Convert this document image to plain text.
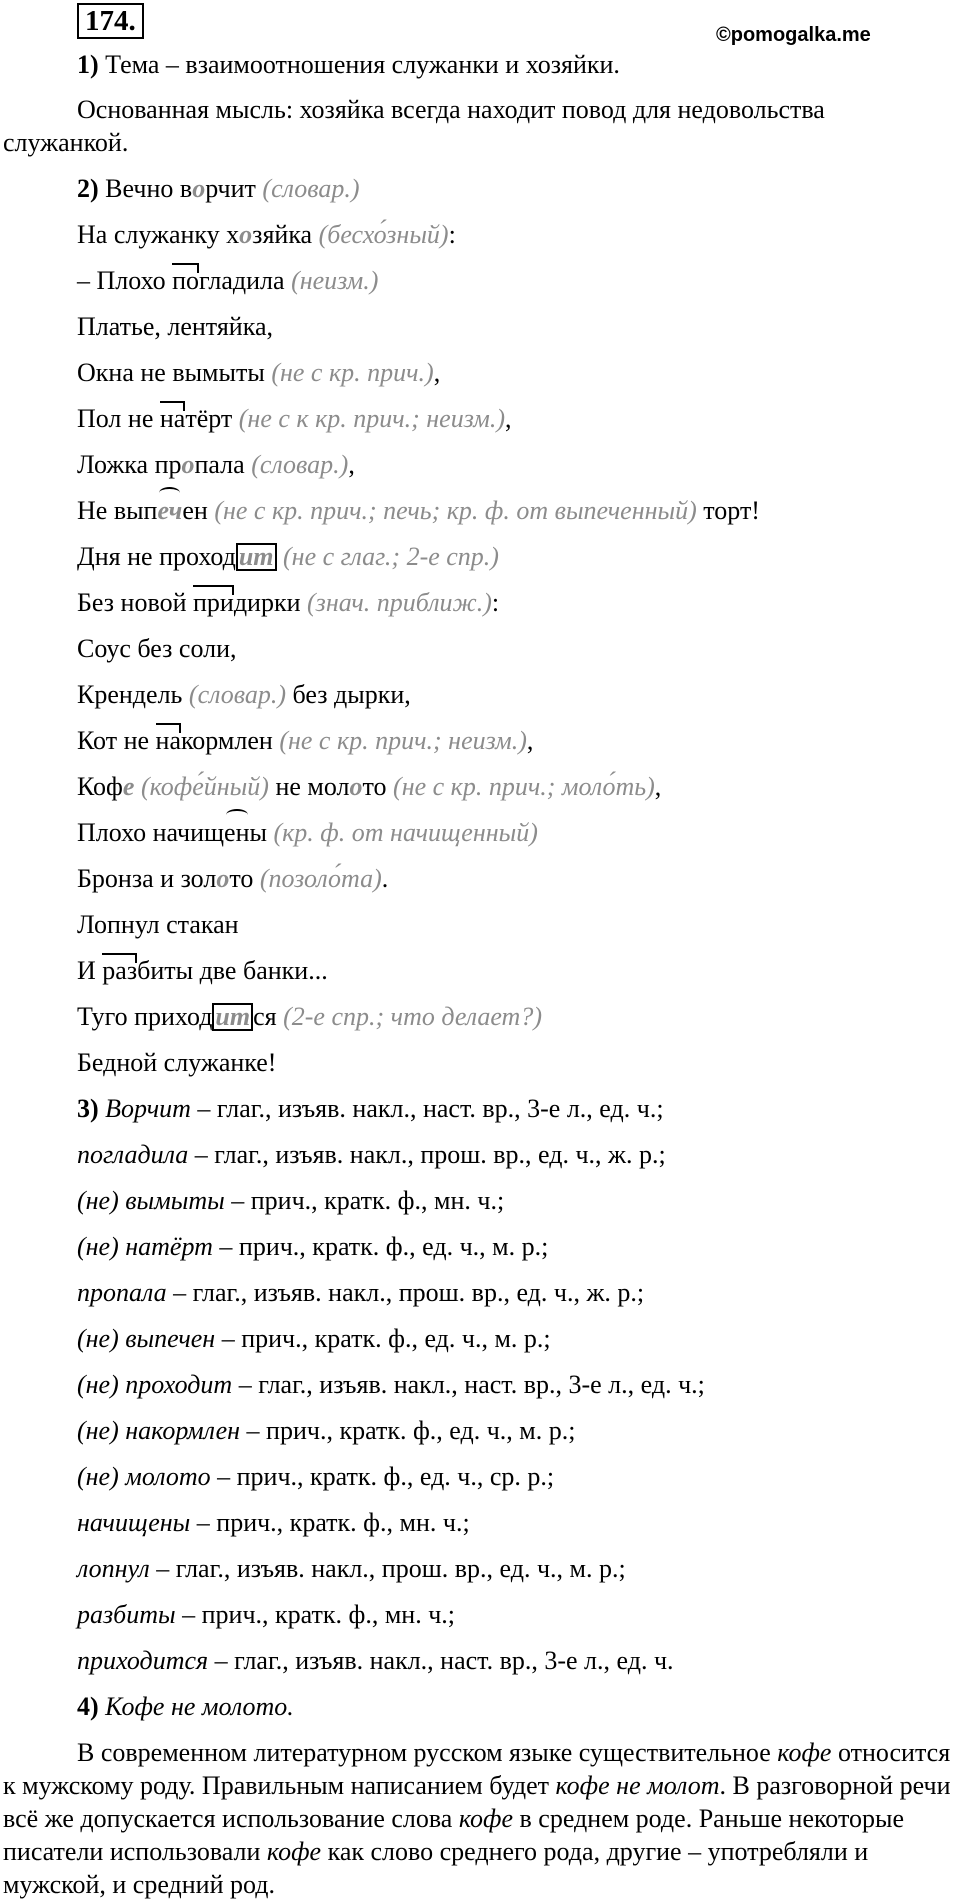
174.	©pomogalka.me
1) Тема – взаимоотношения служанки и хозяйки.
Основанная мысль: хозяйка всегда находит повод для недовольства служанкой.
2) Вечно ворчит (словар.)
На служанку хозяйка (бесхо́зный):
– Плохо погладила (неизм.)
Платье, лентяйка,
Окна не вымыты (не с кр. прич.),
Пол не натёрт (не с к кр. прич.; неизм.),
Ложка пропала (словар.),
Не выпечен (не с кр. прич.; печь; кр. ф. от выпеченный) торт!
Дня не проход ит (не с глаг.; 2-е спр.)
Без новой придирки (знач. приближ.):
Соус без соли,
Крендель (словар.) без дырки,
Кот не накормлен (не с кр. прич.; неизм.),
Кофе (кофе́йный) не молото (не с кр. прич.; моло́ть),
Плохо начищены (кр. ф. от начищенный)
Бронза и золото (позоло́та).
Лопнул стакан
И разбиты две банки...
Туго приход ит ся (2-е спр.; что делает?)
Бедной служанке!
3) Ворчит – глаг., изъяв. накл., наст. вр., 3-е л., ед. ч.;
погладила – глаг., изъяв. накл., прош. вр., ед. ч., ж. р.;
(не) вымыты – прич., кратк. ф., мн. ч.;
(не) натёрт – прич., кратк. ф., ед. ч., м. р.;
пропала – глаг., изъяв. накл., прош. вр., ед. ч., ж. р.;
(не) выпечен – прич., кратк. ф., ед. ч., м. р.;
(не) проходит – глаг., изъяв. накл., наст. вр., 3-е л., ед. ч.;
(не) накормлен – прич., кратк. ф., ед. ч., м. р.;
(не) молото – прич., кратк. ф., ед. ч., ср. р.;
начищены – прич., кратк. ф., мн. ч.;
лопнул – глаг., изъяв. накл., прош. вр., ед. ч., м. р.;
разбиты – прич., кратк. ф., мн. ч.;
приходится – глаг., изъяв. накл., наст. вр., 3-е л., ед. ч.
4) Кофе не молото.
В современном литературном русском языке существительное кофе относится к мужскому роду. Правильным написанием будет кофе не молот. В разговорной речи всё же допускается использование слова кофе в среднем роде. Раньше некоторые писатели использовали кофе как слово среднего рода, другие – употребляли и мужской, и средний род.
